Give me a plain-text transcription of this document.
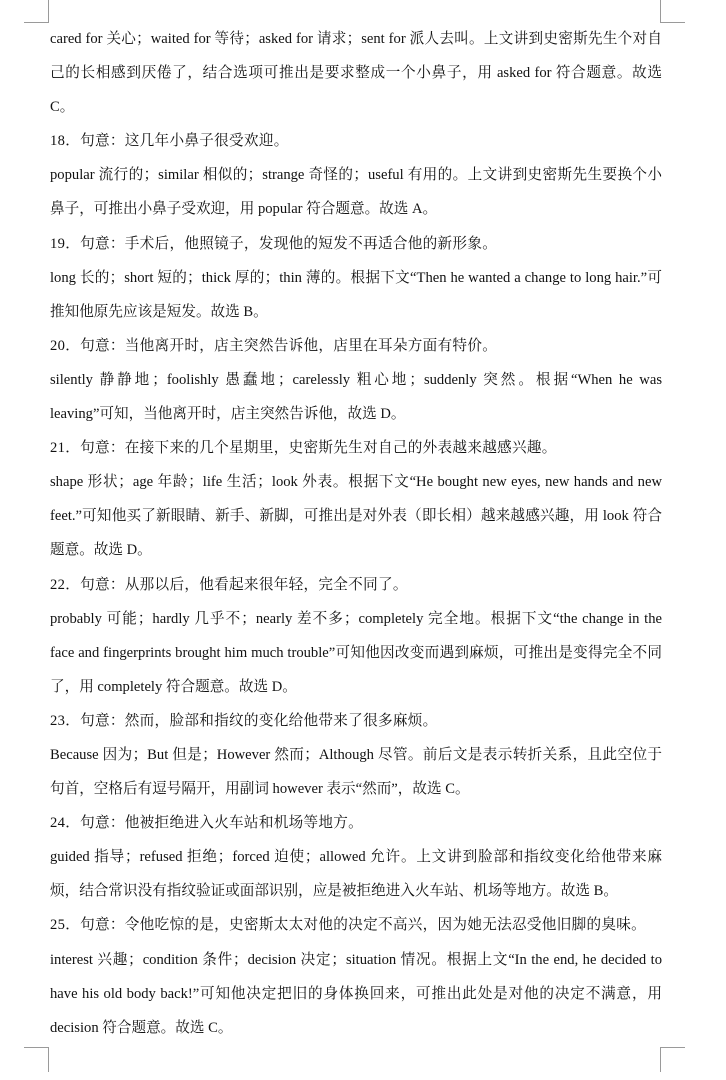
cared for 关心；waited for 等待；asked for 请求；sent for 派人去叫。上文讲到史密斯先生个对自己的长相感到厌倦了，结合选项可推出是要求整成一个小鼻子，用 asked for 符合题意。故选 C。

18．句意：这几年小鼻子很受欢迎。

popular 流行的；similar 相似的；strange 奇怪的；useful 有用的。上文讲到史密斯先生要换个小鼻子，可推出小鼻子受欢迎，用 popular 符合题意。故选 A。

19．句意：手术后，他照镜子，发现他的短发不再适合他的新形象。

long 长的；short 短的；thick 厚的；thin 薄的。根据下文“Then he wanted a change to long hair.”可推知他原先应该是短发。故选 B。

20．句意：当他离开时，店主突然告诉他，店里在耳朵方面有特价。

silently 静静地；foolishly 愚蠢地；carelessly 粗心地；suddenly 突然。根据“When he was leaving”可知，当他离开时，店主突然告诉他，故选 D。

21．句意：在接下来的几个星期里，史密斯先生对自己的外表越来越感兴趣。

shape 形状；age 年龄；life 生活；look 外表。根据下文“He bought new eyes, new hands and new feet.”可知他买了新眼睛、新手、新脚，可推出是对外表（即长相）越来越感兴趣，用 look 符合题意。故选 D。

22．句意：从那以后，他看起来很年轻，完全不同了。

probably 可能；hardly 几乎不；nearly 差不多；completely 完全地。根据下文“the change in the face and fingerprints brought him much trouble”可知他因改变而遇到麻烦，可推出是变得完全不同了，用 completely 符合题意。故选 D。

23．句意：然而，脸部和指纹的变化给他带来了很多麻烦。

Because 因为；But 但是；However 然而；Although 尽管。前后文是表示转折关系，且此空位于句首，空格后有逗号隔开，用副词 however 表示“然而”，故选 C。

24．句意：他被拒绝进入火车站和机场等地方。

guided 指导；refused 拒绝；forced 迫使；allowed 允许。上文讲到脸部和指纹变化给他带来麻烦，结合常识没有指纹验证或面部识别，应是被拒绝进入火车站、机场等地方。故选 B。

25．句意：令他吃惊的是，史密斯太太对他的决定不高兴，因为她无法忍受他旧脚的臭味。

interest 兴趣；condition 条件；decision 决定；situation 情况。根据上文“In the end, he decided to have his old body back!”可知他决定把旧的身体换回来，可推出此处是对他的决定不满意，用 decision 符合题意。故选 C。
